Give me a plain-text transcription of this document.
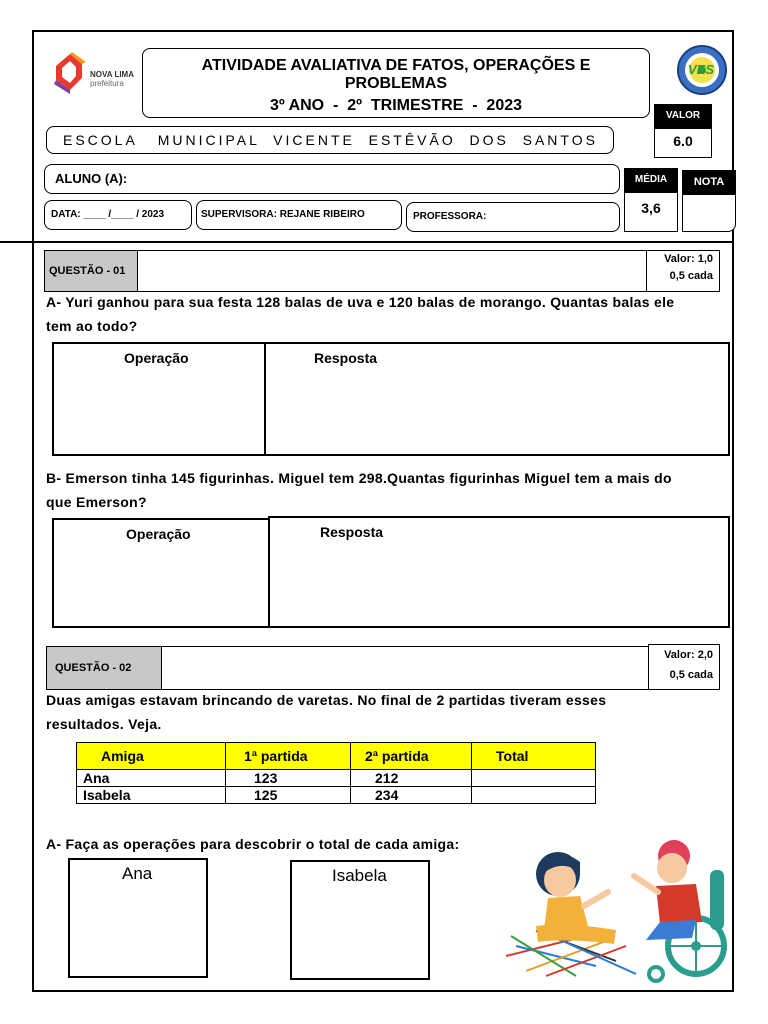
NOVA LIMA
prefeitura
ATIVIDADE AVALIATIVA DE FATOS, OPERAÇÕES E
PROBLEMAS
3º ANO  -  2º  TRIMESTRE  -  2023
VES
ESCOLA   MUNICIPAL  VICENTE  ESTÊVÃO  DOS  SANTOS
VALOR
6.0
ALUNO (A):	MÉDIA	NOTA
3,6
DATA: ____ /____ / 2023	SUPERVISORA: REJANE RIBEIRO	PROFESSORA:
QUESTÃO - 01
Valor: 1,0
0,5 cada
A- Yuri ganhou para sua festa 128 balas de uva e 120 balas de morango. Quantas balas ele
tem ao todo?
Operação	Resposta
B- Emerson tinha 145 figurinhas. Miguel tem 298.Quantas figurinhas Miguel tem a mais do
que Emerson?
Operação	Resposta
QUESTÃO - 02
Valor: 2,0
0,5 cada
Duas amigas estavam brincando de varetas. No final de 2 partidas tiveram esses
resultados. Veja.
Amiga	1ª partida	2ª partida	Total
Ana	123	212	
Isabela	125	234	
A- Faça as operações para descobrir o total de cada amiga:
Ana	Isabela
